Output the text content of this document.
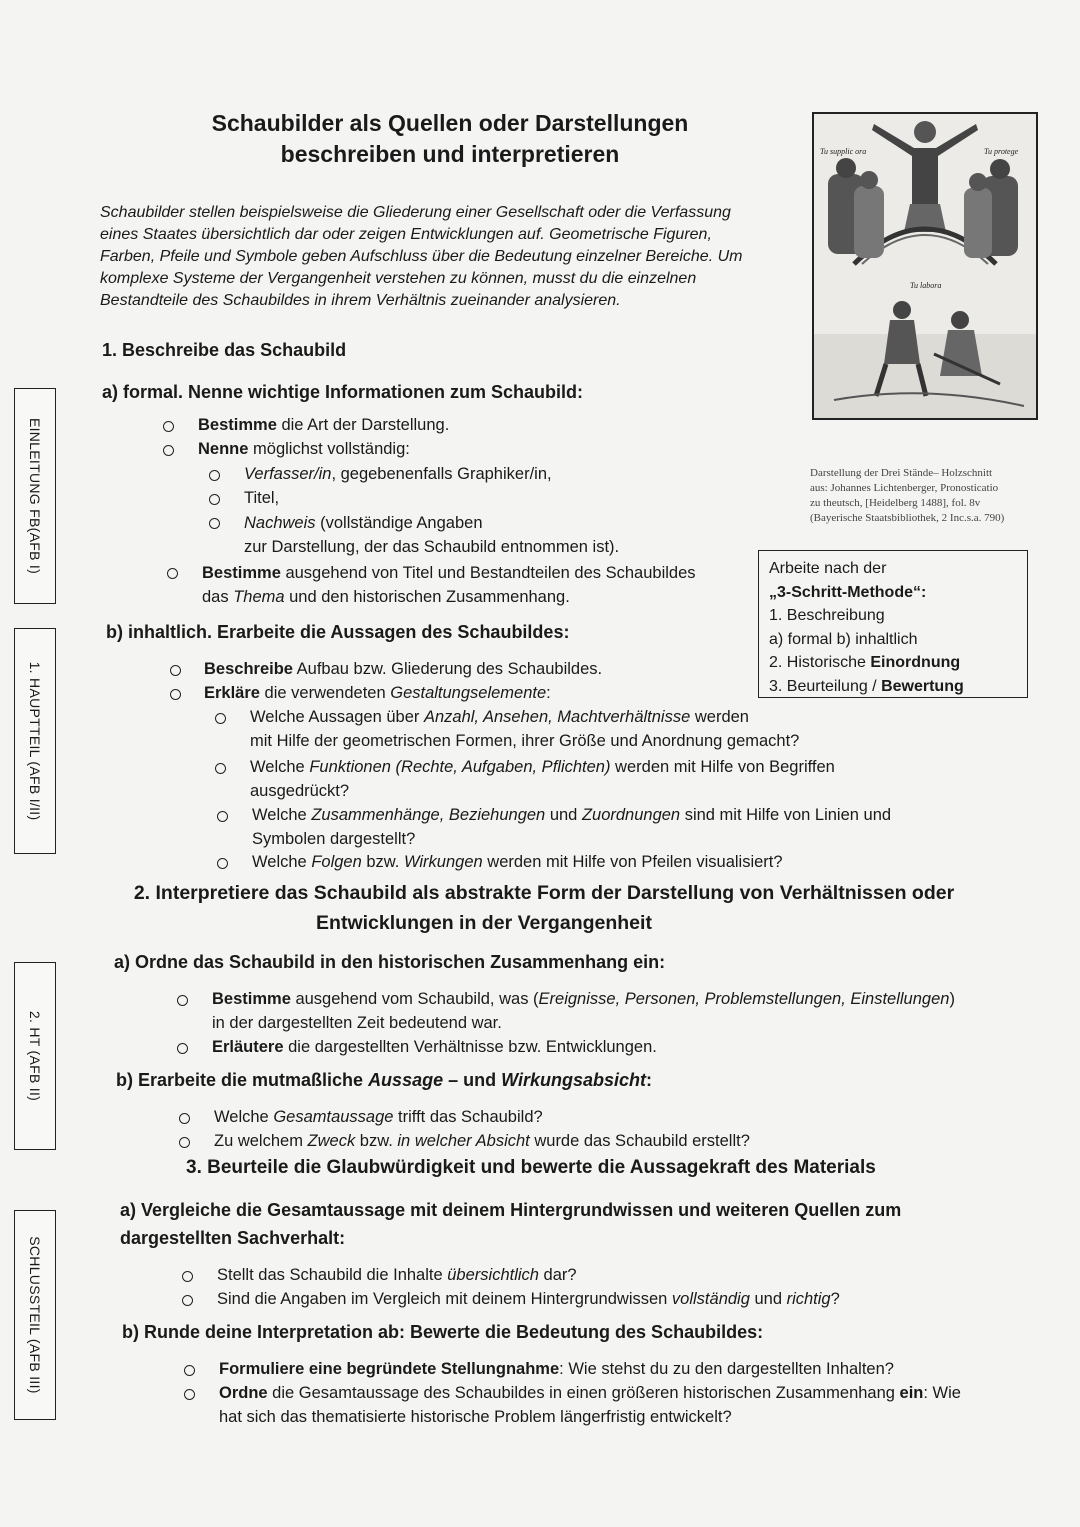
Schaubilder als Quellen oder Darstellungen
beschreiben und interpretieren
Schaubilder stellen beispielsweise die Gliederung einer Gesellschaft oder die Verfassung
eines Staates übersichtlich dar oder zeigen Entwicklungen auf. Geometrische Figuren,
Farben, Pfeile und Symbole geben Aufschluss über die Bedeutung einzelner Bereiche. Um
komplexe Systeme der Vergangenheit verstehen zu können, musst du die einzelnen
Bestandteile des Schaubildes in ihrem Verhältnis zueinander analysieren.
Tu supplic ora	Tu protege
Tu labora
Darstellung der Drei Stände– Holzschnitt
aus: Johannes Lichtenberger, Pronosticatio
zu theutsch, [Heidelberg 1488], fol. 8v
(Bayerische Staatsbibliothek, 2 Inc.s.a. 790)
Arbeite nach der
„3-Schritt-Methode“:
1. Beschreibung
a) formal b) inhaltlich
2. Historische Einordnung
3. Beurteilung / Bewertung
EINLEITUNG FB(AFB I)
1. HAUPTTEIL (AFB I/II)
2. HT (AFB II)
SCHLUSSTEIL (AFB III)
1. Beschreibe das Schaubild
a) formal. Nenne wichtige Informationen zum Schaubild:
Bestimme die Art der Darstellung.
Nenne möglichst vollständig:
Verfasser/in, gegebenenfalls Graphiker/in,
Titel,
Nachweis (vollständige Angaben
zur Darstellung, der das Schaubild entnommen ist).
Bestimme ausgehend von Titel und Bestandteilen des Schaubildes
das Thema und den historischen Zusammenhang.
b) inhaltlich. Erarbeite die Aussagen des Schaubildes:
Beschreibe Aufbau bzw. Gliederung des Schaubildes.
Erkläre die verwendeten Gestaltungselemente:
Welche Aussagen über Anzahl, Ansehen, Machtverhältnisse werden
mit Hilfe der geometrischen Formen, ihrer Größe und Anordnung gemacht?
Welche Funktionen (Rechte, Aufgaben, Pflichten) werden mit Hilfe von Begriffen
ausgedrückt?
Welche Zusammenhänge, Beziehungen und Zuordnungen sind mit Hilfe von Linien und
Symbolen dargestellt?
Welche Folgen bzw. Wirkungen werden mit Hilfe von Pfeilen visualisiert?
2. Interpretiere das Schaubild als abstrakte Form der Darstellung von Verhältnissen oder
Entwicklungen in der Vergangenheit
a) Ordne das Schaubild in den historischen Zusammenhang ein:
Bestimme ausgehend vom Schaubild, was (Ereignisse, Personen, Problemstellungen, Einstellungen)
in der dargestellten Zeit bedeutend war.
Erläutere die dargestellten Verhältnisse bzw. Entwicklungen.
b) Erarbeite die mutmaßliche Aussage – und Wirkungsabsicht:
Welche Gesamtaussage trifft das Schaubild?
Zu welchem Zweck bzw. in welcher Absicht wurde das Schaubild erstellt?
3. Beurteile die Glaubwürdigkeit und bewerte die Aussagekraft des Materials
a) Vergleiche die Gesamtaussage mit deinem Hintergrundwissen und weiteren Quellen zum
dargestellten Sachverhalt:
Stellt das Schaubild die Inhalte übersichtlich dar?
Sind die Angaben im Vergleich mit deinem Hintergrundwissen vollständig und richtig?
b) Runde deine Interpretation ab: Bewerte die Bedeutung des Schaubildes:
Formuliere eine begründete Stellungnahme: Wie stehst du zu den dargestellten Inhalten?
Ordne die Gesamtaussage des Schaubildes in einen größeren historischen Zusammenhang ein: Wie
hat sich das thematisierte historische Problem längerfristig entwickelt?
